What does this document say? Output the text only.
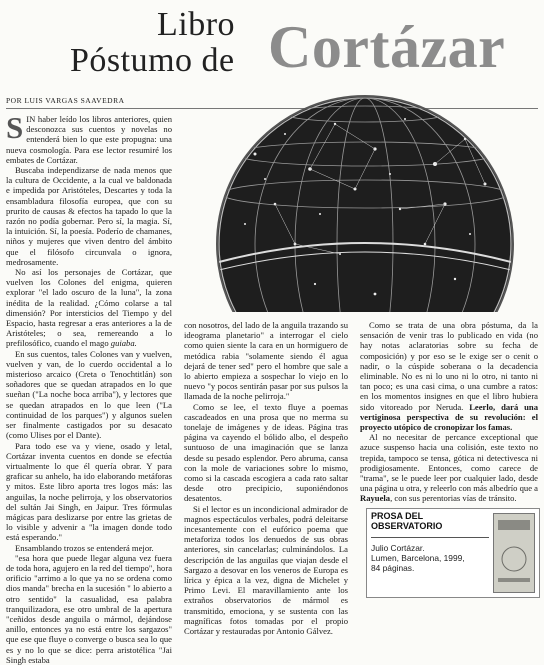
Libro
Póstumo de Cortázar
POR LUIS VARGAS SAAVEDRA

SIN haber leído los libros anteriores, quien desconozca sus cuentos y novelas no entenderá bien lo que este propugna: una nueva cosmología. Para ese lector resumiré los embates de Cortázar.

Buscaba independizarse de nada menos que la cultura de Occidente, a la cual ve baldonada e impedida por Aristóteles, Descartes y toda la ensambladura filosofía europea, que con su prurito de causas & efectos ha tapado lo que la razón no podía gobernar. Pero sí, la magia. Sí, la intuición. Sí, la poesía. Poderío de chamanes, niños y mujeres que viven dentro del ámbito que el filósofo circunvala o ignora, medrosamente.

No así los personajes de Cortázar, que vuelven los Colones del enigma, quieren explorar "el lado oscuro de la luna", la zona inédita de la realidad. ¿Cómo colarse a tal dimensión? Por intersticios del Tiempo y del Espacio, hasta regresar a eras anteriores a la de Aristóteles; o sea, remereando a lo prefilosófico, cuando el mago guiaba.

En sus cuentos, tales Colones van y vuelven, vuelven y van, de lo cuerdo occidental a lo misterioso arcaico (Creta o Tenochtitlán) son soñadores que se quedan atrapados en lo que sueñan ("La noche boca arriba"), y lectores que se quedan atrapados en lo que leen ("La continuidad de los parques") y algunos suelen ser finalmente castigados por su desacato (como Ulises por el Dante).

Para todo ese va y viene, osado y letal, Cortázar inventa cuentos en donde se efectúa virtualmente lo que él quería obrar. Y para graficar su anhelo, ha ido elaborando metáforas y mitos. Este libro aporta tres logos más: las anguilas, la noche pelirroja, y los observatorios del sultán Jai Singh, en Jaipur. Tres fórmulas mágicas para deslizarse por entre las grietas de lo visible y advenir a "la imagen donde todo está esperando."

Ensamblando trozos se entenderá mejor.

"esa hora que puede llegar alguna vez fuera de toda hora, agujero en la red del tiempo", hora orificio "arrimo a lo que ya no se ordena como dios manda" brecha en la sucesión " lo abierto a otro sentido" la casualidad, esa palabra tranquilizadora, ese otro umbral de la apertura "ceñidos desde anguila o mármol, dejándose anillo, entonces ya no está entre los sargazos" que ese que fluye o converge o busca sea lo que es y no lo que se dice: perra aristotélica "Jai Singh estaba

con nosotros, del lado de la anguila trazando su ideograma planetario" a interrogar el cielo como quien siente la cara en un hormiguero de metódica rabia "solamente siendo él agua dejará de tener sed" pero el hombre que sale a lo abierto empieza a sospechar lo viejo en lo nuevo "y pocos sentirán pasar por sus pulsos la llamada de la noche pelirroja."

Como se lee, el texto fluye a poemas cascadeados en una prosa que no merma su tonelaje de imágenes y de ideas. Página tras página va cayendo el bólido albo, el despeño suntuoso de una imaginación que se lanza desde su pesado esplendor. Pero abruma, cansa con la mole de variaciones sobre lo mismo, como si la cascada escogiera a cada rato saltar desde otro precipicio, suponiéndonos desatentos.

Si el lector es un incondicional admirador de magnos espectáculos verbales, podrá deleitarse incesantemente con el eufórico poema que metaforiza todos los denuedos de sus obras anteriores, sin cancelarlas; culminándolos. La descripción de las anguilas que viajan desde el Sargazo a desovar en los veneros de Europa es lírica y épica a la vez, digna de Michelet y Primo Levi. El maravillamiento ante los extraños observatorios de mármol es transmitido, emociona, y se sustenta con las magníficas fotos tomadas por el propio Cortázar y restauradas por Antonio Gálvez.

Como se trata de una obra póstuma, da la sensación de venir tras lo publicado en vida (no hay notas aclaratorias sobre su fecha de composición) y por eso se le exige ser o cenit o nadir, o la cúspide soberana o la decadencia eliminable. No es ni lo uno ni lo otro, ni tanto ni tan poco; es una casi cima, o una cumbre a ratos: en los momentos insignes en que el libro hubiera sido vitoreado por Neruda. Leerlo, dará una vertiginosa perspectiva de su revolución: el proyecto utópico de cronopizar los famas.

Al no necesitar de percance exceptional que azuce suspenso hacia una colisión, este texto no trepida, tampoco se tensa, gótica ni detectivesca ni prodigiosamente. Entonces, como carece de "trama", se le puede leer por cualquier lado, desde una página u otra, y releerlo con más albedrío que a Rayuela, con sus perentorias vías de tránsito.

PROSA DEL OBSERVATORIO
Julio Cortázar.
Lumen, Barcelona, 1999,
84 páginas.
